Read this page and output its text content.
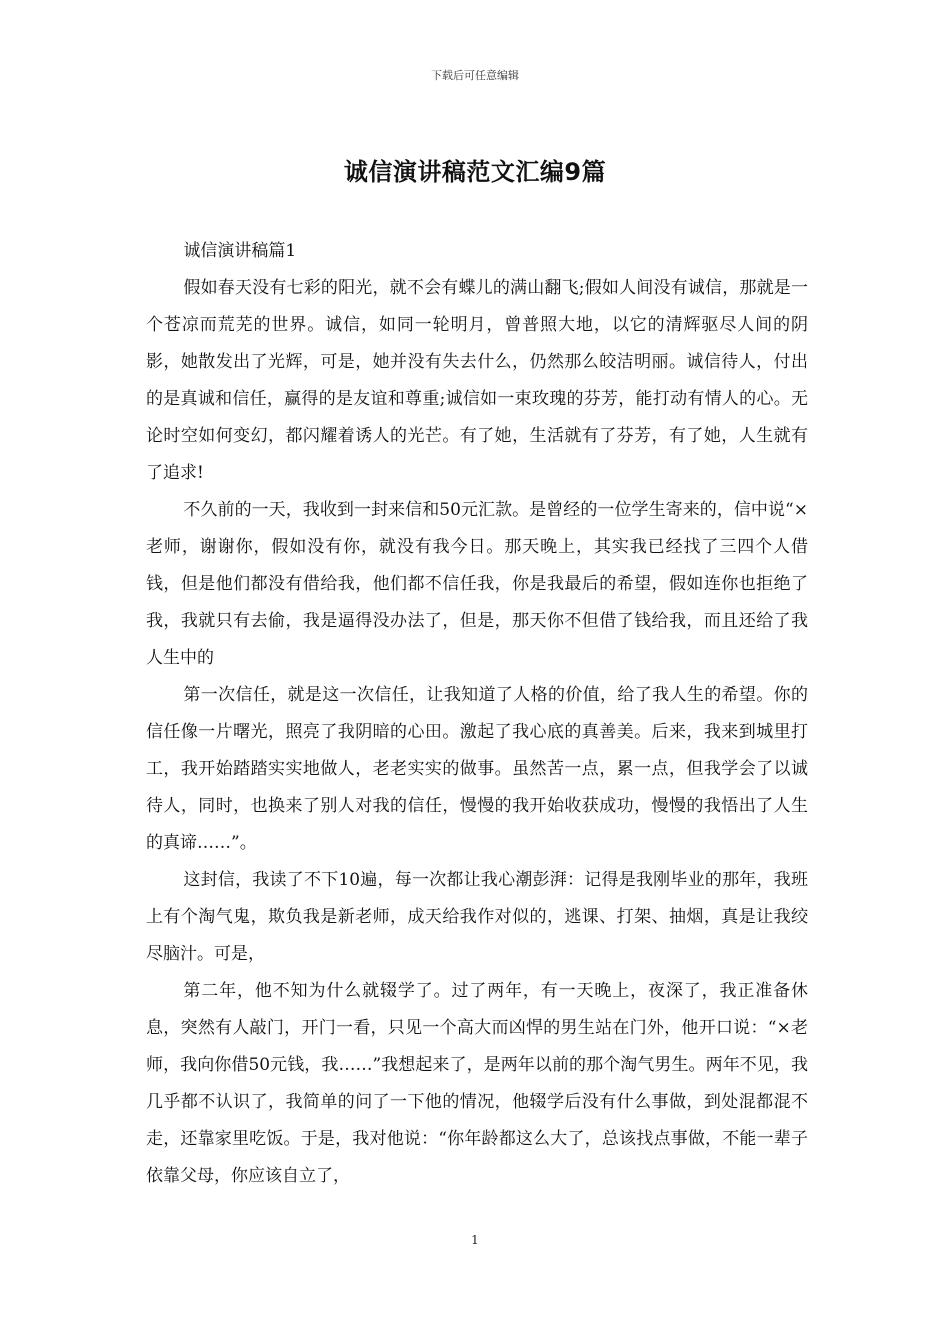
下载后可任意编辑
诚信演讲稿范文汇编9篇

诚信演讲稿篇1

假如春天没有七彩的阳光，就不会有蝶儿的满山翻飞;假如人间没有诚信，那就是一个苍凉而荒芜的世界。诚信，如同一轮明月，曾普照大地，以它的清辉驱尽人间的阴影，她散发出了光辉，可是，她并没有失去什么，仍然那么皎洁明丽。诚信待人，付出的是真诚和信任，赢得的是友谊和尊重;诚信如一束玫瑰的芬芳，能打动有情人的心。无论时空如何变幻，都闪耀着诱人的光芒。有了她，生活就有了芬芳，有了她，人生就有了追求!

不久前的一天，我收到一封来信和50元汇款。是曾经的一位学生寄来的，信中说“×老师，谢谢你，假如没有你，就没有我今日。那天晚上，其实我已经找了三四个人借钱，但是他们都没有借给我，他们都不信任我，你是我最后的希望，假如连你也拒绝了我，我就只有去偷，我是逼得没办法了，但是，那天你不但借了钱给我，而且还给了我人生中的

第一次信任，就是这一次信任，让我知道了人格的价值，给了我人生的希望。你的信任像一片曙光，照亮了我阴暗的心田。激起了我心底的真善美。后来，我来到城里打工，我开始踏踏实实地做人，老老实实的做事。虽然苦一点，累一点，但我学会了以诚待人，同时，也换来了别人对我的信任，慢慢的我开始收获成功，慢慢的我悟出了人生的真谛……”。

这封信，我读了不下10遍，每一次都让我心潮彭湃：记得是我刚毕业的那年，我班上有个淘气鬼，欺负我是新老师，成天给我作对似的，逃课、打架、抽烟，真是让我绞尽脑汁。可是，

第二年，他不知为什么就辍学了。过了两年，有一天晚上，夜深了，我正准备休息，突然有人敲门，开门一看，只见一个高大而凶悍的男生站在门外，他开口说：“×老师，我向你借50元钱，我……”我想起来了，是两年以前的那个淘气男生。两年不见，我几乎都不认识了，我简单的问了一下他的情况，他辍学后没有什么事做，到处混都混不走，还靠家里吃饭。于是，我对他说：“你年龄都这么大了，总该找点事做，不能一辈子依靠父母，你应该自立了，

1
